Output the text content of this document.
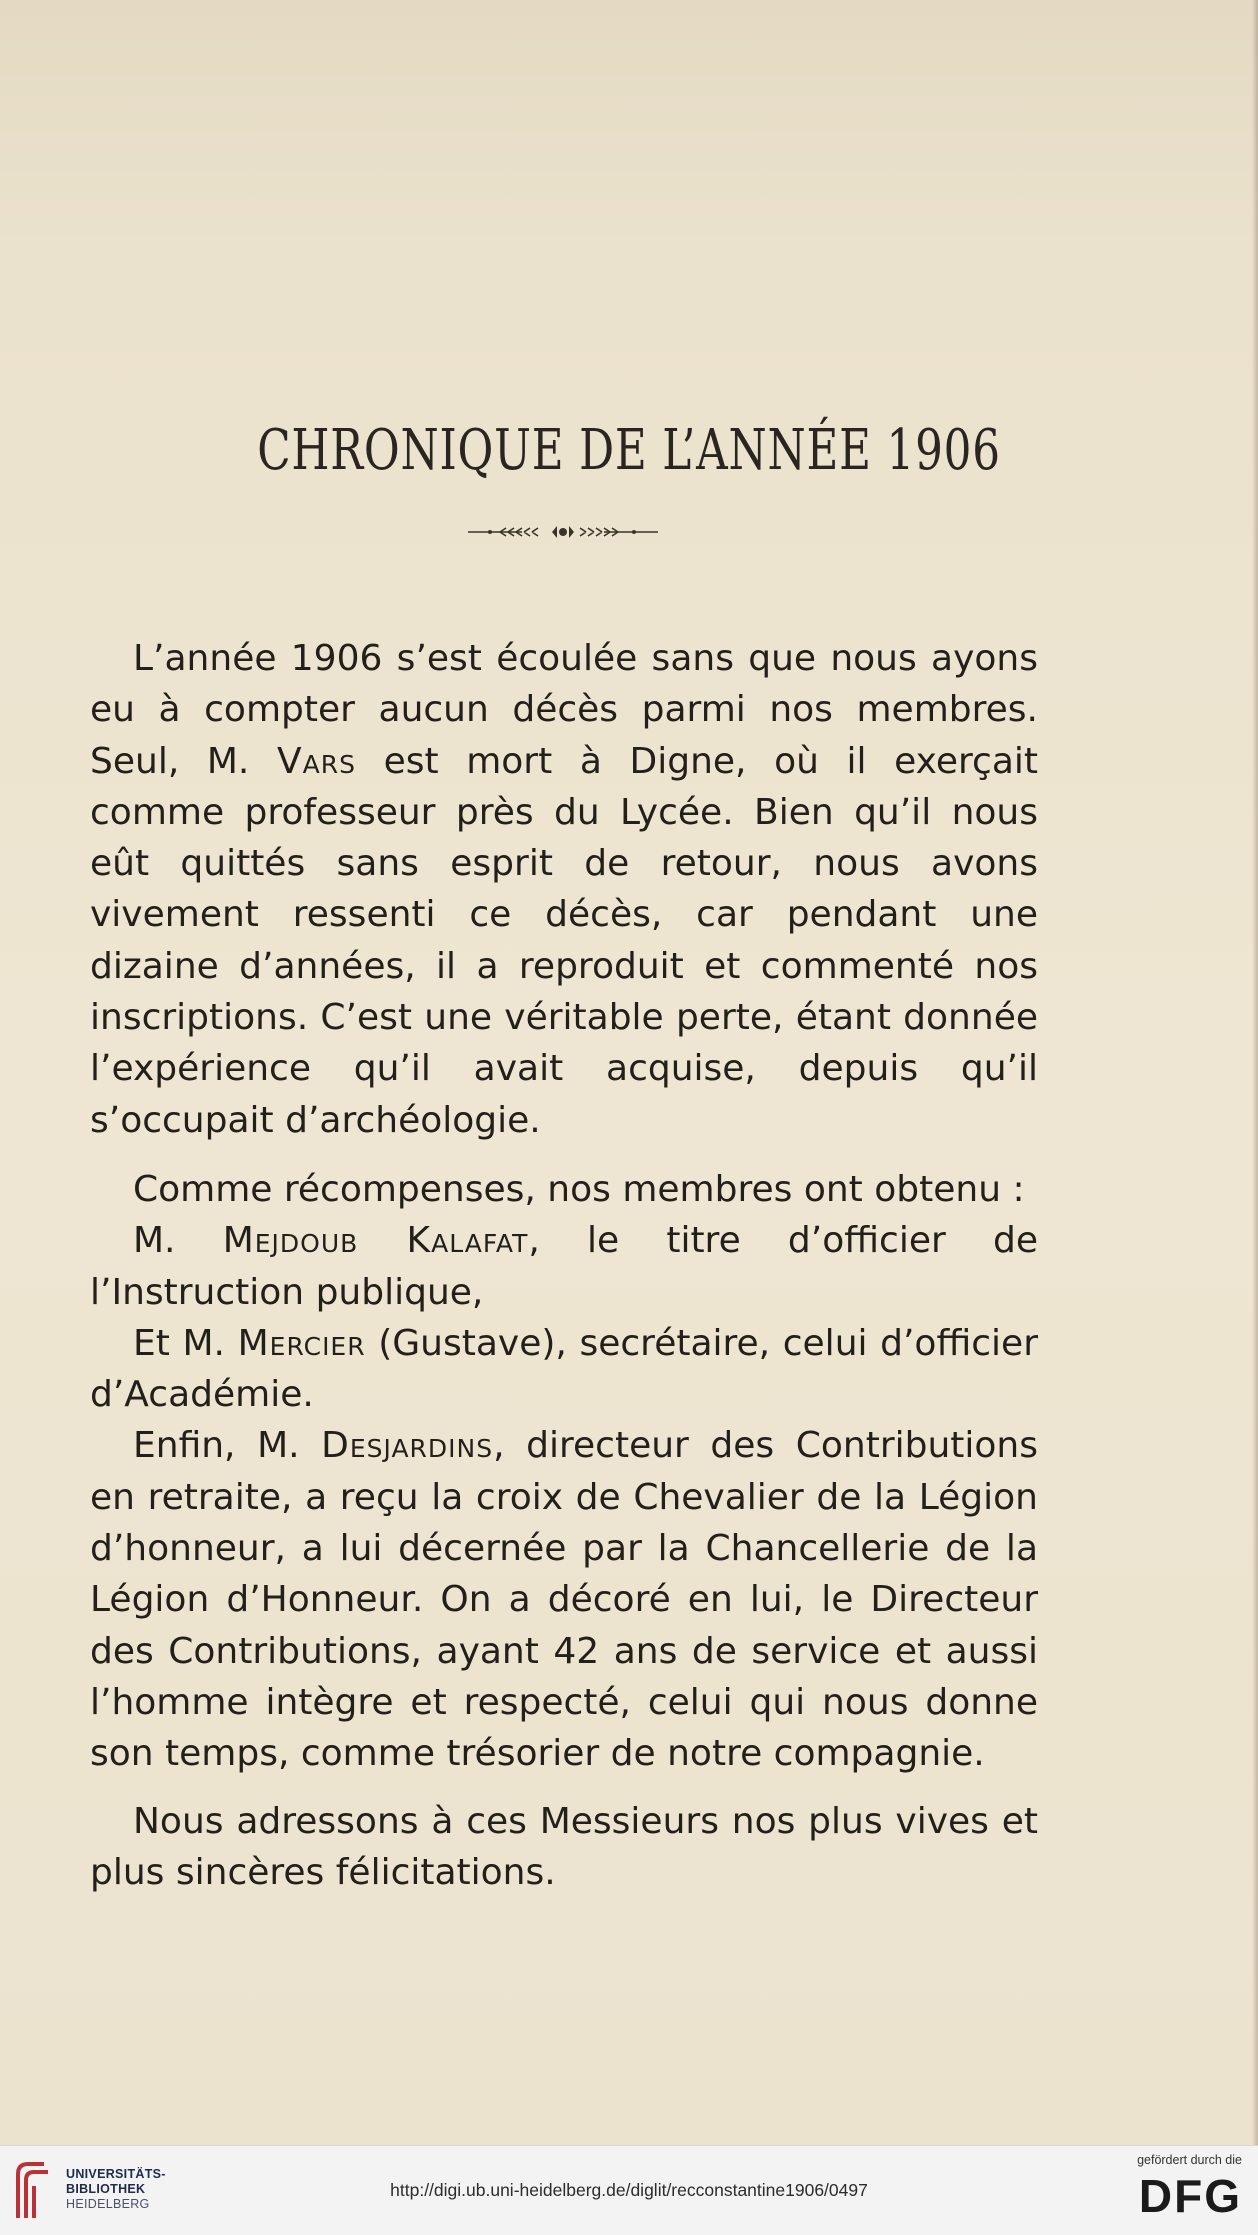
CHRONIQUE DE L’ANNÉE 1906

L’année 1906 s’est écoulée sans que nous ayons eu à compter aucun décès parmi nos membres. Seul, M. Vars est mort à Digne, où il exerçait comme professeur près du Lycée. Bien qu’il nous eût quittés sans esprit de retour, nous avons vivement ressenti ce décès, car pendant une dizaine d’années, il a reproduit et commenté nos inscriptions. C’est une véritable perte, étant donnée l’expérience qu’il avait acquise, depuis qu’il s’occupait d’archéologie.

Comme récompenses, nos membres ont obtenu :

M. Mejdoub Kalafat, le titre d’officier de l’Instruction publique,

Et M. Mercier (Gustave), secrétaire, celui d’officier d’Académie.

Enfin, M. Desjardins, directeur des Contributions en retraite, a reçu la croix de Chevalier de la Légion d’honneur, a lui décernée par la Chancellerie de la Légion d’Honneur. On a décoré en lui, le Directeur des Contributions, ayant 42 ans de service et aussi l’homme intègre et respecté, celui qui nous donne son temps, comme trésorier de notre compagnie.

Nous adressons à ces Messieurs nos plus vives et plus sincères félicitations.

UNIVERSITÄTS-
BIBLIOTHEK
HEIDELBERG
http://digi.ub.uni-heidelberg.de/diglit/recconstantine1906/0497
gefördert durch die
DFG
